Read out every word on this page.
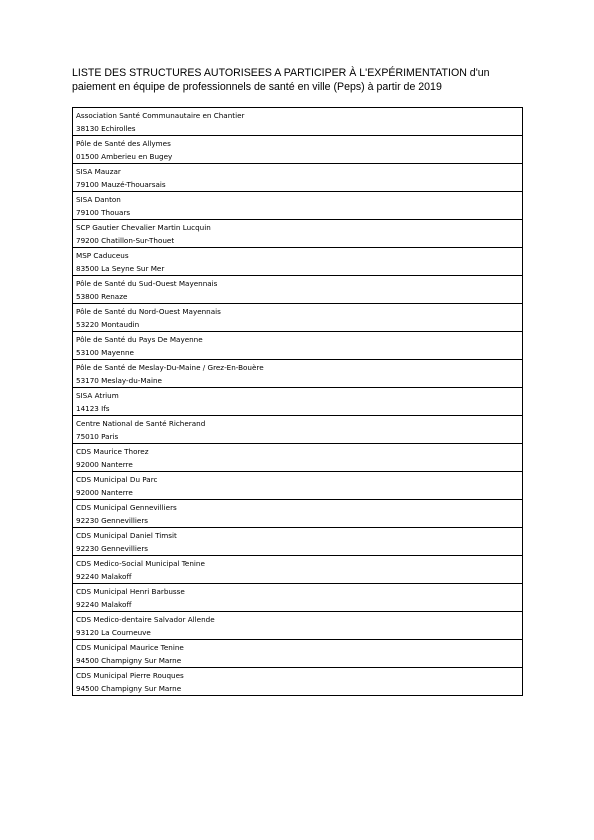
LISTE DES STRUCTURES AUTORISEES A PARTICIPER À L'EXPÉRIMENTATION d'un
paiement en équipe de professionnels de santé en ville (Peps) à partir de 2019
Association Santé Communautaire en Chantier
38130 Echirolles

Pôle de Santé des Allymes
01500 Amberieu en Bugey

SISA Mauzar
79100 Mauzé-Thouarsais

SISA Danton
79100 Thouars

SCP Gautier Chevalier Martin Lucquin
79200 Chatillon-Sur-Thouet

MSP Caduceus
83500 La Seyne Sur Mer

Pôle de Santé du Sud-Ouest Mayennais
53800 Renaze

Pôle de Santé du Nord-Ouest Mayennais
53220 Montaudin

Pôle de Santé du Pays De Mayenne
53100 Mayenne

Pôle de Santé de Meslay-Du-Maine / Grez-En-Bouère
53170 Meslay-du-Maine

SISA Atrium
14123 Ifs

Centre National de Santé Richerand
75010 Paris

CDS Maurice Thorez
92000 Nanterre

CDS Municipal Du Parc
92000 Nanterre

CDS Municipal Gennevilliers
92230 Gennevilliers

CDS Municipal Daniel Timsit
92230 Gennevilliers

CDS Medico-Social Municipal Tenine
92240 Malakoff

CDS Municipal Henri Barbusse
92240 Malakoff

CDS Medico-dentaire Salvador Allende
93120 La Courneuve

CDS Municipal Maurice Tenine
94500 Champigny Sur Marne

CDS Municipal Pierre Rouques
94500 Champigny Sur Marne
